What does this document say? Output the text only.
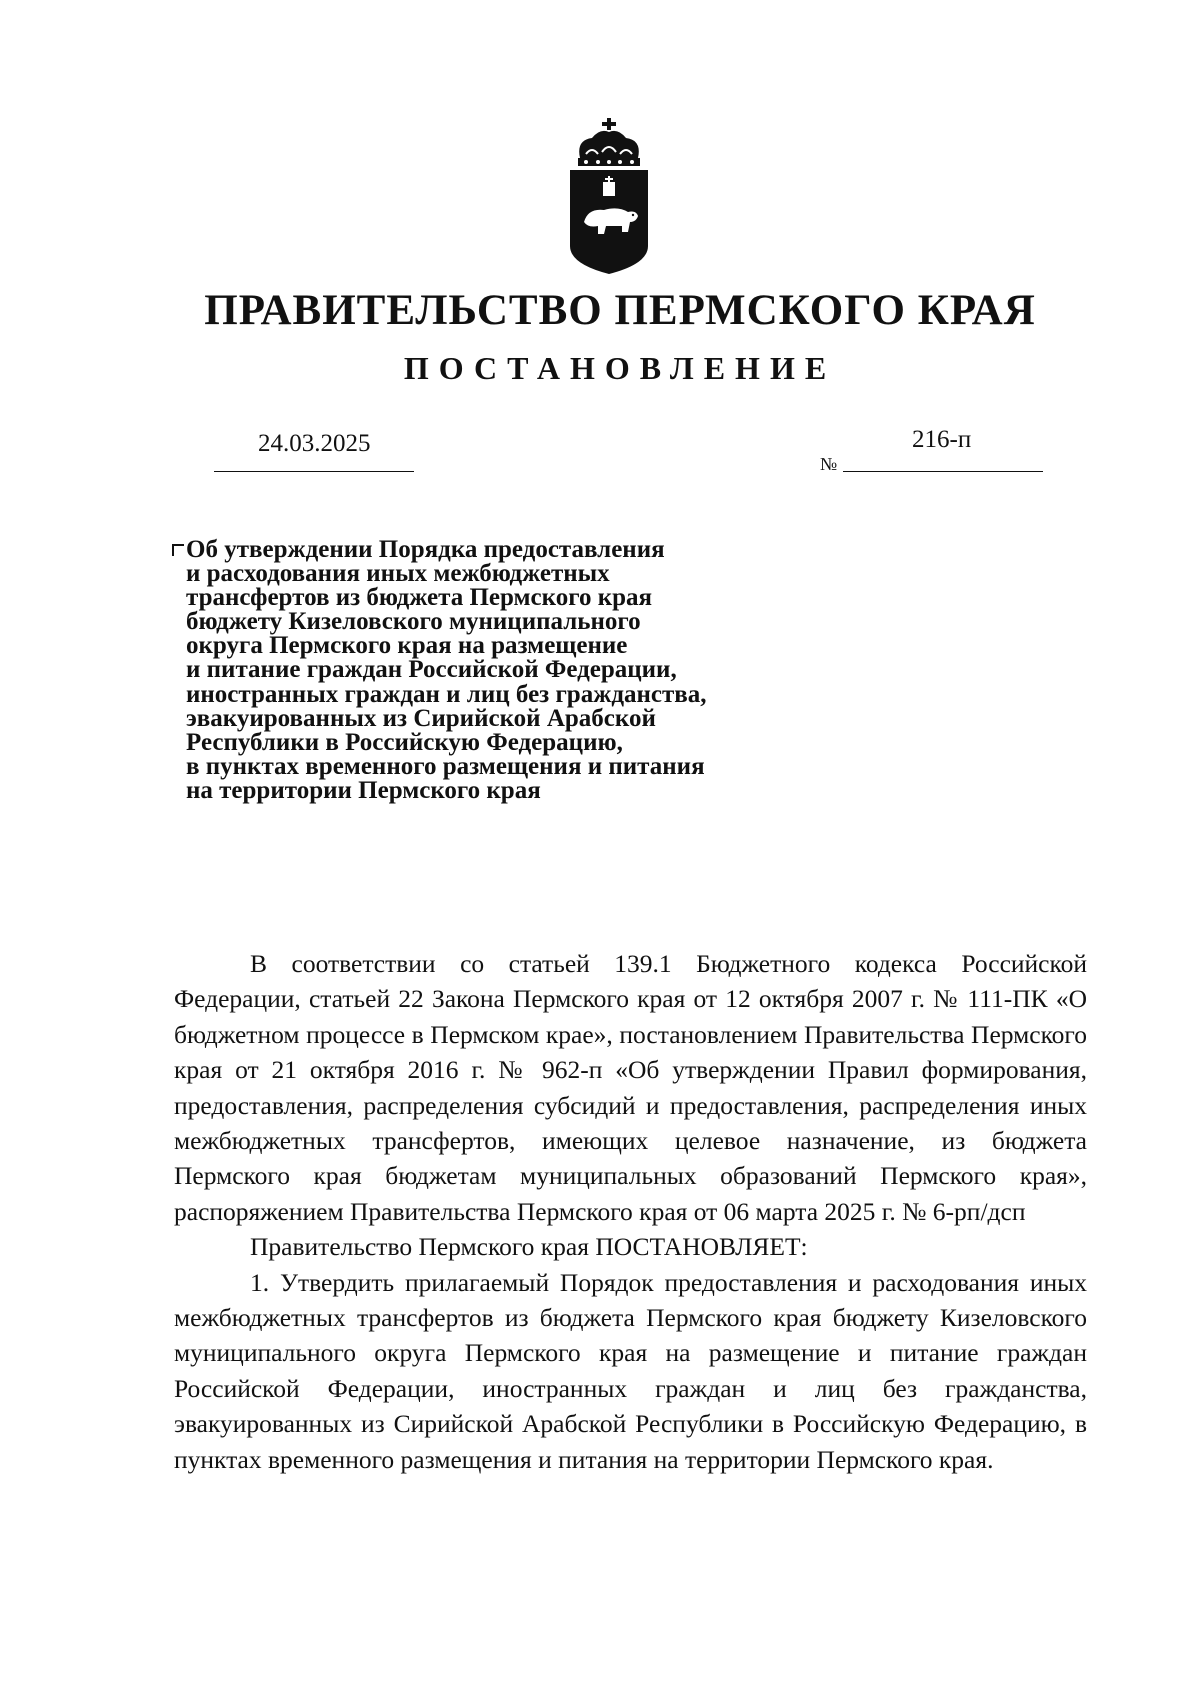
ПРАВИТЕЛЬСТВО ПЕРМСКОГО КРАЯ
ПОСТАНОВЛЕНИЕ
24.03.2025
№
216-п
Об утверждении Порядка предоставления
и расходования иных межбюджетных
трансфертов из бюджета Пермского края
бюджету Кизеловского муниципального
округа Пермского края на размещение
и питание граждан Российской Федерации,
иностранных граждан и лиц без гражданства,
эвакуированных из Сирийской Арабской
Республики в Российскую Федерацию,
в пунктах временного размещения и питания
на территории Пермского края

В соответствии со статьей 139.1 Бюджетного кодекса Российской Федерации, статьей 22 Закона Пермского края от 12 октября 2007 г. № 111-ПК «О бюджетном процессе в Пермском крае», постановлением Правительства Пермского края от 21 октября 2016 г. № 962-п «Об утверждении Правил формирования, предоставления, распределения субсидий и предоставления, распределения иных межбюджетных трансфертов, имеющих целевое назначение, из бюджета Пермского края бюджетам муниципальных образований Пермского края», распоряжением Правительства Пермского края от 06 марта 2025 г. № 6-рп/дсп

Правительство Пермского края ПОСТАНОВЛЯЕТ:

1. Утвердить прилагаемый Порядок предоставления и расходования иных межбюджетных трансфертов из бюджета Пермского края бюджету Кизеловского муниципального округа Пермского края на размещение и питание граждан Российской Федерации, иностранных граждан и лиц без гражданства, эвакуированных из Сирийской Арабской Республики в Российскую Федерацию, в пунктах временного размещения и питания на территории Пермского края.
